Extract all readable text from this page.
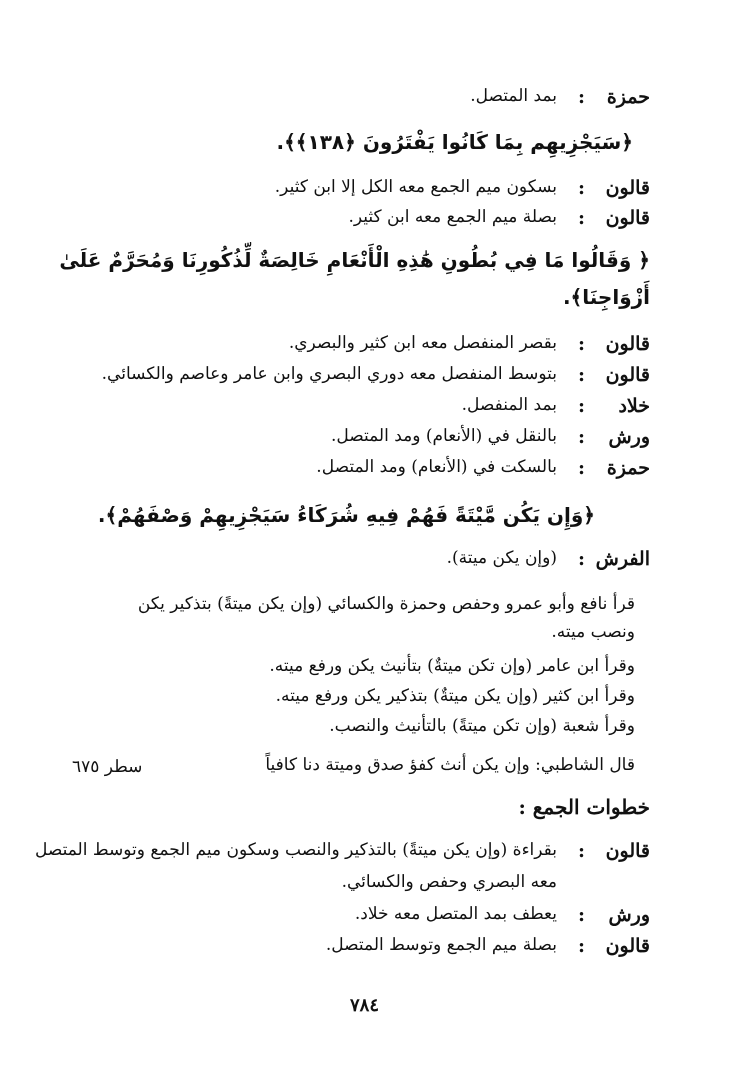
حمزة
:
بمد المتصل.
﴿سَيَجْزِيهِم بِمَا كَانُوا يَفْتَرُونَ ﴿١٣٨﴾﴾.
قالون
:
بسكون ميم الجمع معه الكل إلا ابن كثير.
قالون
:
بصلة ميم الجمع معه ابن كثير.
﴿ وَقَالُوا مَا فِي بُطُونِ هَٰذِهِ الْأَنْعَامِ خَالِصَةٌ لِّذُكُورِنَا وَمُحَرَّمٌ عَلَىٰ
أَزْوَاجِنَا﴾.
قالون
:
بقصر المنفصل معه ابن كثير والبصري.
قالون
:
بتوسط المنفصل معه دوري البصري وابن عامر وعاصم والكسائي.
خلاد
:
بمد المنفصل.
ورش
:
بالنقل في (الأنعام) ومد المتصل.
حمزة
:
بالسكت في (الأنعام) ومد المتصل.
﴿وَإِن يَكُن مَّيْتَةً فَهُمْ فِيهِ شُرَكَاءُ سَيَجْزِيهِمْ وَصْفَهُمْ﴾.
الفرش
:
(وإن يكن ميتة).
قرأ نافع وأبو عمرو وحفص وحمزة والكسائي (وإن يكن ميتةً) بتذكير يكن
ونصب ميته.
وقرأ ابن عامر (وإن تكن ميتةٌ) بتأنيث يكن ورفع ميته.
وقرأ ابن كثير (وإن يكن ميتةٌ) بتذكير يكن ورفع ميته.
وقرأ شعبة (وإن تكن ميتةً) بالتأنيث والنصب.
قال الشاطبي: وإن يكن أنث كفؤ صدق وميتة دنا كافياً
سطر ٦٧٥
خطوات الجمع :
قالون
:
بقراءة (وإن يكن ميتةً) بالتذكير والنصب وسكون ميم الجمع وتوسط المتصل
معه البصري وحفص والكسائي.
ورش
:
يعطف بمد المتصل معه خلاد.
قالون
:
بصلة ميم الجمع وتوسط المتصل.
٧٨٤
